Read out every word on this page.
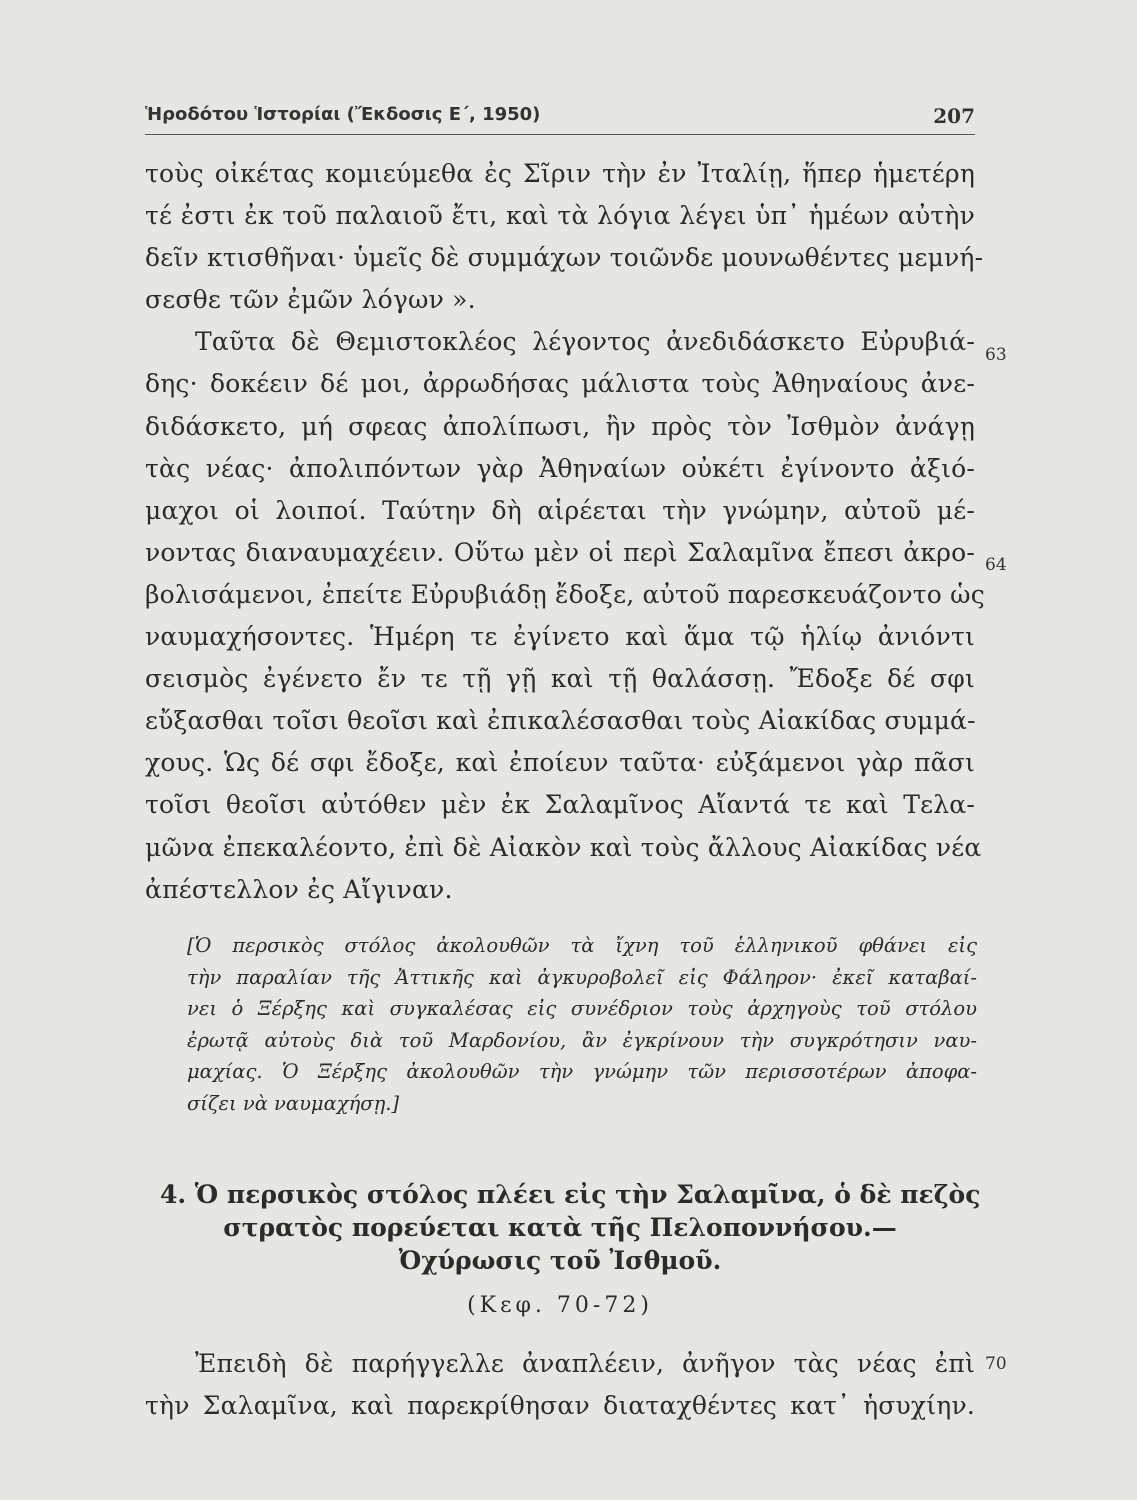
Ἡροδότου Ἱστορίαι (Ἔκδοσις Ε΄, 1950)	207
τοὺς οἰκέτας κομιεύμεθα ἐς Σῖριν τὴν ἐν Ἰταλίῃ, ἥπερ ἡμετέρη
τέ ἐστι ἐκ τοῦ παλαιοῦ ἔτι, καὶ τὰ λόγια λέγει ὑπ᾽ ἡμέων αὐτὴν
δεῖν κτισθῆναι· ὑμεῖς δὲ συμμάχων τοιῶνδε μουνωθέντες μεμνή-
σεσθε τῶν ἐμῶν λόγων ».
Ταῦτα δὲ Θεμιστοκλέος λέγοντος ἀνεδιδάσκετο Εὐρυβιά-
δης· δοκέειν δέ μοι, ἀρρωδήσας μάλιστα τοὺς Ἀθηναίους ἀνε-
διδάσκετο, μή σφεας ἀπολίπωσι, ἢν πρὸς τὸν Ἰσθμὸν ἀνάγῃ
τὰς νέας· ἀπολιπόντων γὰρ Ἀθηναίων οὐκέτι ἐγίνοντο ἀξιό-
μαχοι οἱ λοιποί. Ταύτην δὴ αἱρέεται τὴν γνώμην, αὐτοῦ μέ-
νοντας διαναυμαχέειν. Οὕτω μὲν οἱ περὶ Σαλαμῖνα ἔπεσι ἀκρο-
βολισάμενοι, ἐπείτε Εὐρυβιάδῃ ἔδοξε, αὐτοῦ παρεσκευάζοντο ὡς
ναυμαχήσοντες. Ἡμέρη τε ἐγίνετο καὶ ἅμα τῷ ἡλίῳ ἀνιόντι
σεισμὸς ἐγένετο ἔν τε τῇ γῇ καὶ τῇ θαλάσσῃ. Ἔδοξε δέ σφι
εὔξασθαι τοῖσι θεοῖσι καὶ ἐπικαλέσασθαι τοὺς Αἰακίδας συμμά-
χους. Ὡς δέ σφι ἔδοξε, καὶ ἐποίευν ταῦτα· εὐξάμενοι γὰρ πᾶσι
τοῖσι θεοῖσι αὐτόθεν μὲν ἐκ Σαλαμῖνος Αἴαντά τε καὶ Τελα-
μῶνα ἐπεκαλέοντο, ἐπὶ δὲ Αἰακὸν καὶ τοὺς ἄλλους Αἰακίδας νέα
ἀπέστελλον ἐς Αἴγιναν.
63
64
[Ὁ περσικὸς στόλος ἀκολουθῶν τὰ ἴχνη τοῦ ἑλληνικοῦ φθάνει εἰς
τὴν παραλίαν τῆς Ἀττικῆς καὶ ἀγκυροβολεῖ εἰς Φάληρον· ἐκεῖ καταβαί-
νει ὁ Ξέρξης καὶ συγκαλέσας εἰς συνέδριον τοὺς ἀρχηγοὺς τοῦ στόλου
ἐρωτᾷ αὐτοὺς διὰ τοῦ Μαρδονίου, ἂν ἐγκρίνουν τὴν συγκρότησιν ναυ-
μαχίας. Ὁ Ξέρξης ἀκολουθῶν τὴν γνώμην τῶν περισσοτέρων ἀποφα-
σίζει νὰ ναυμαχήσῃ.]
4. Ὁ περσικὸς στόλος πλέει εἰς τὴν Σαλαμῖνα, ὁ δὲ πεζὸς
στρατὸς πορεύεται κατὰ τῆς Πελοποννήσου.—
Ὀχύρωσις τοῦ Ἰσθμοῦ.
(Κεφ. 70-72)
Ἐπειδὴ δὲ παρήγγελλε ἀναπλέειν, ἀνῆγον τὰς νέας ἐπὶ
τὴν Σαλαμῖνα, καὶ παρεκρίθησαν διαταχθέντες κατ᾽ ἡσυχίην.
70
